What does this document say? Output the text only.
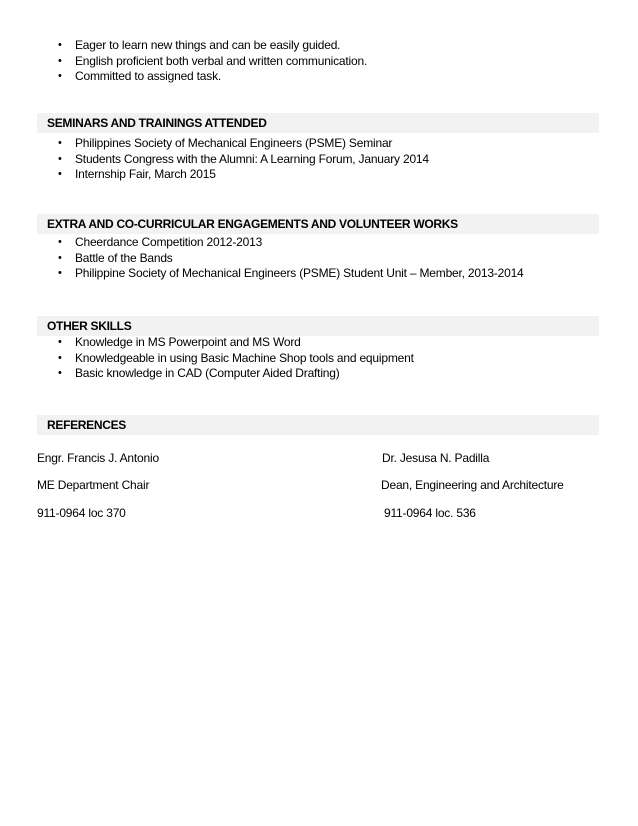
• Eager to learn new things and can be easily guided.
• English proficient both verbal and written communication.
• Committed to assigned task.
SEMINARS AND TRAININGS ATTENDED
• Philippines Society of Mechanical Engineers (PSME) Seminar
• Students Congress with the Alumni: A Learning Forum, January 2014
• Internship Fair, March 2015
EXTRA AND CO-CURRICULAR ENGAGEMENTS AND VOLUNTEER WORKS
• Cheerdance Competition 2012-2013
• Battle of the Bands
• Philippine Society of Mechanical Engineers (PSME) Student Unit – Member, 2013-2014
OTHER SKILLS
• Knowledge in MS Powerpoint and MS Word
• Knowledgeable in using Basic Machine Shop tools and equipment
• Basic knowledge in CAD (Computer Aided Drafting)
REFERENCES
Engr. Francis J. Antonio
ME Department Chair
911-0964 loc 370
Dr. Jesusa N. Padilla
Dean, Engineering and Architecture
911-0964 loc. 536
